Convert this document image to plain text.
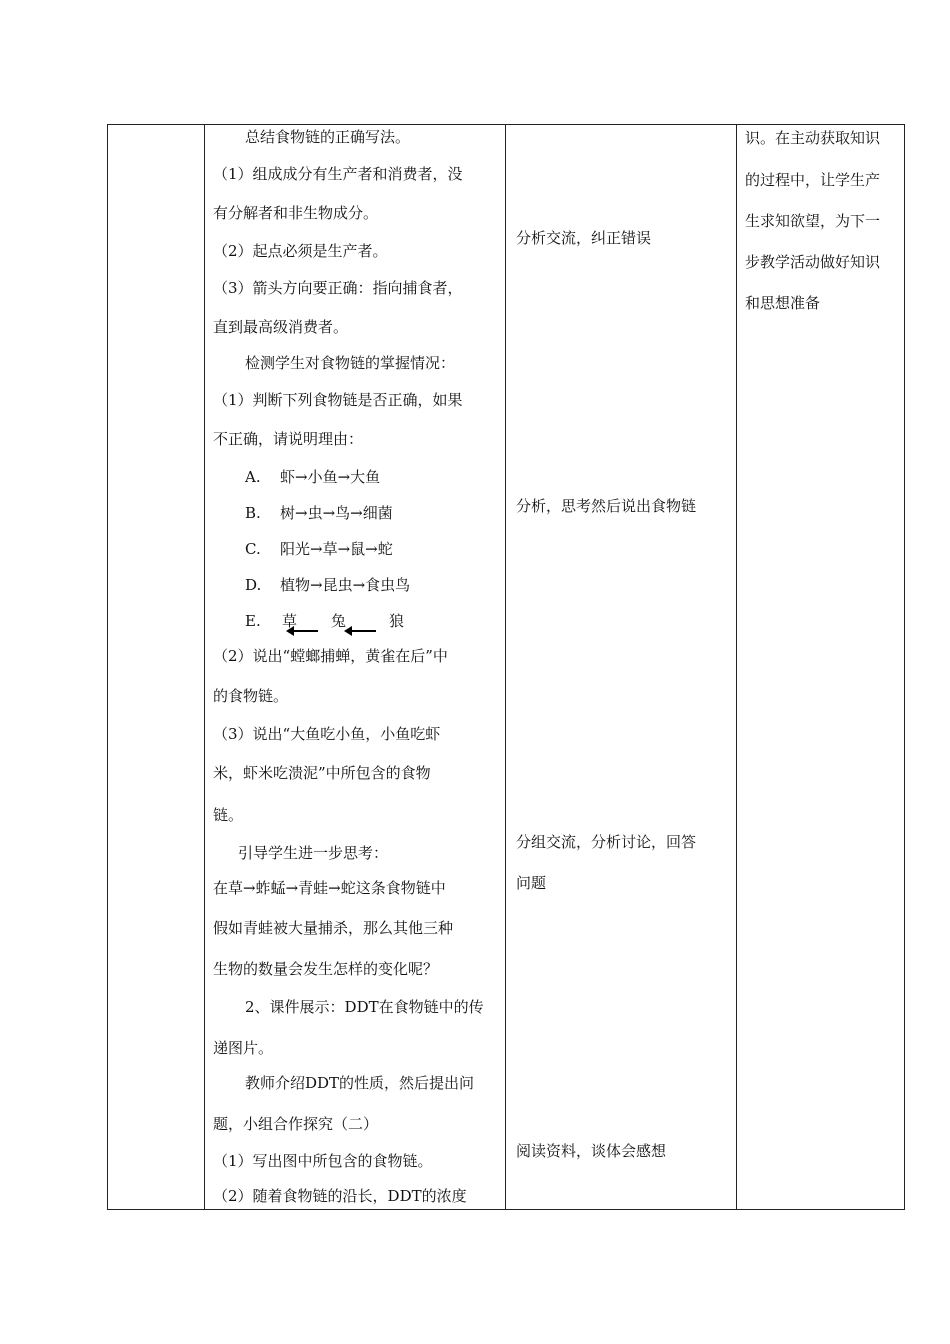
总结食物链的正确写法。
（1）组成成分有生产者和消费者，没
有分解者和非生物成分。
（2）起点必须是生产者。
（3）箭头方向要正确：指向捕食者，
直到最高级消费者。
检测学生对食物链的掌握情况：
（1）判断下列食物链是否正确，如果
不正确，请说明理由：
A. 虾→小鱼→大鱼
B. 树→虫→鸟→细菌
C. 阳光→草→鼠→蛇
D. 植物→昆虫→食虫鸟
E. 草 兔	狼
（2）说出“螳螂捕蝉，黄雀在后”中
的食物链。
（3）说出“大鱼吃小鱼，小鱼吃虾
米，虾米吃溃泥”中所包含的食物
链。
引导学生进一步思考：
在草→蚱蜢→青蛙→蛇这条食物链中
假如青蛙被大量捕杀，那么其他三种
生物的数量会发生怎样的变化呢？
2、课件展示：DDT在食物链中的传
递图片。
教师介绍DDT的性质，然后提出问
题，小组合作探究（二）
（1）写出图中所包含的食物链。
（2）随着食物链的沿长，DDT的浓度
分析交流，纠正错误
分析，思考然后说出食物链
分组交流，分析讨论，回答
问题
阅读资料，谈体会感想
识。在主动获取知识
的过程中，让学生产
生求知欲望，为下一
步教学活动做好知识
和思想准备
